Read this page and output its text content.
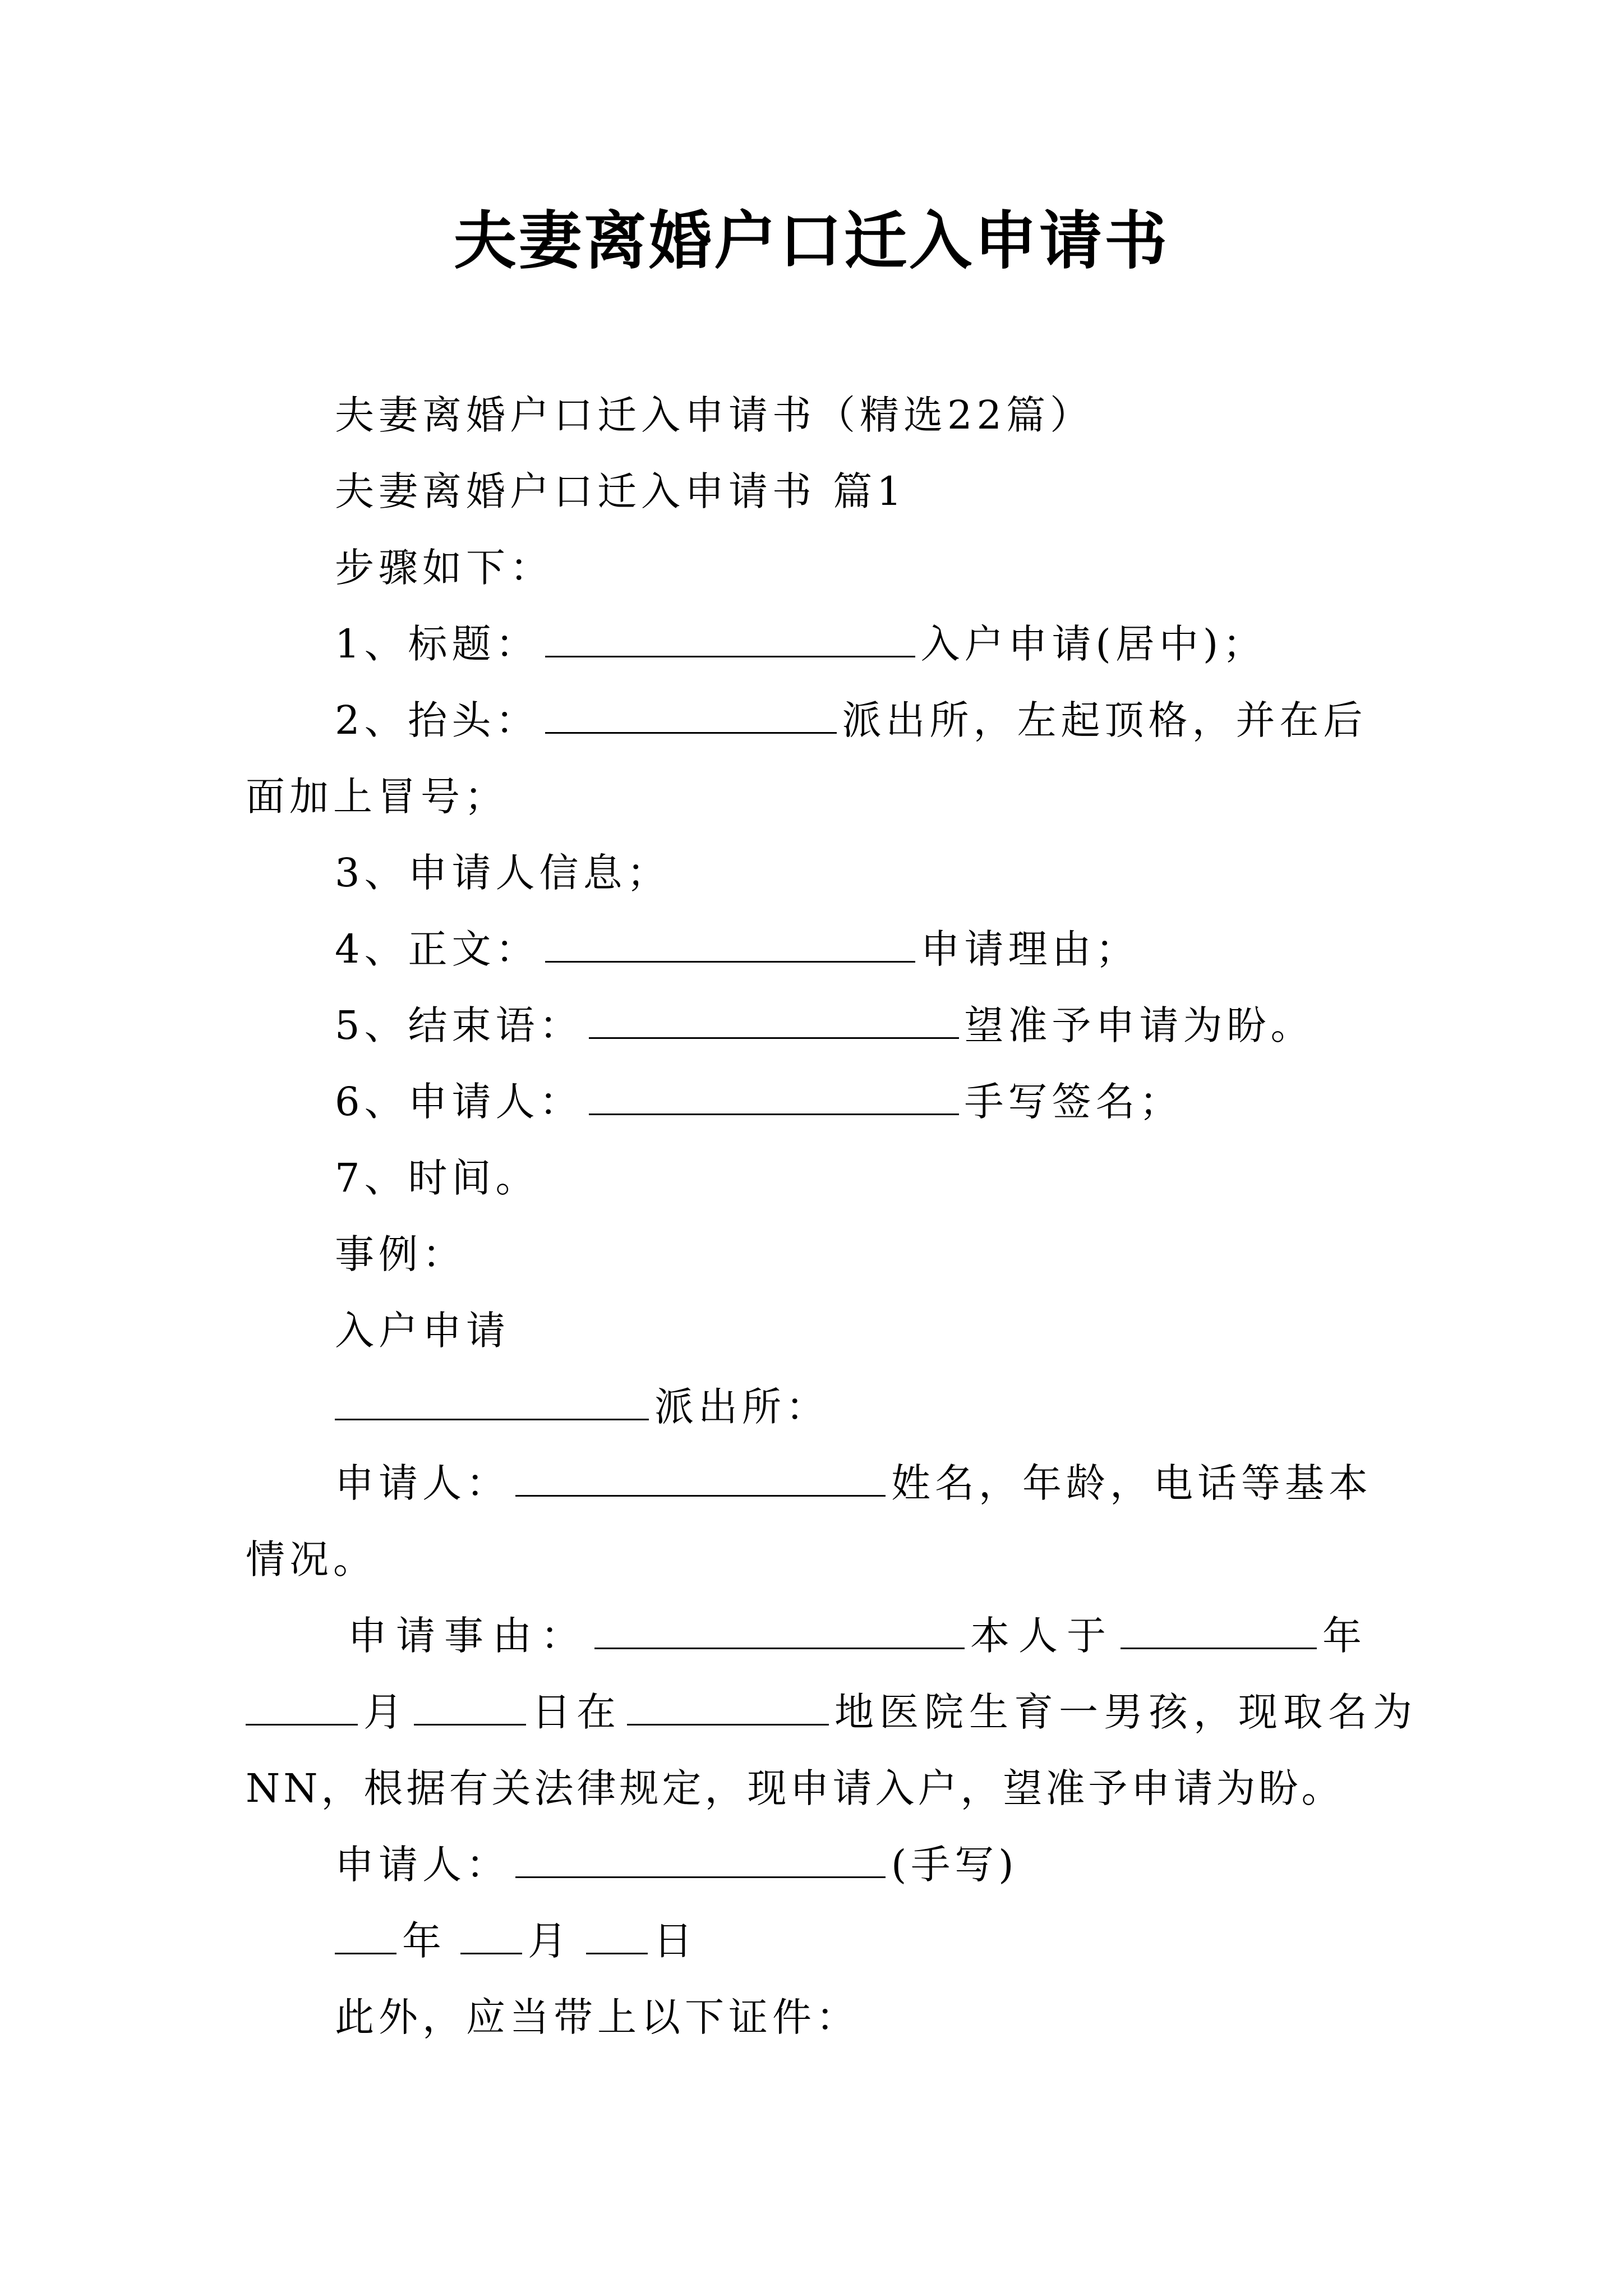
夫妻离婚户口迁入申请书
夫妻离婚户口迁入申请书（精选22篇）
夫妻离婚户口迁入申请书 篇1
步骤如下：
1、标题：	入户申请(居中)；
2、抬头：	派出所，左起顶格，并在后
面加上冒号；
3、申请人信息；
4、正文：	申请理由；
5、结束语：	望准予申请为盼。
6、申请人：	手写签名；
7、时间。
事例：
入户申请
派出所：
申请人：	姓名，年龄，电话等基本
情况。
申请事由：	本人于	年
月	日在	地医院生育一男孩，现取名为
NN，根据有关法律规定，现申请入户，望准予申请为盼。
申请人：	(手写)
年 月 日
此外，应当带上以下证件：
